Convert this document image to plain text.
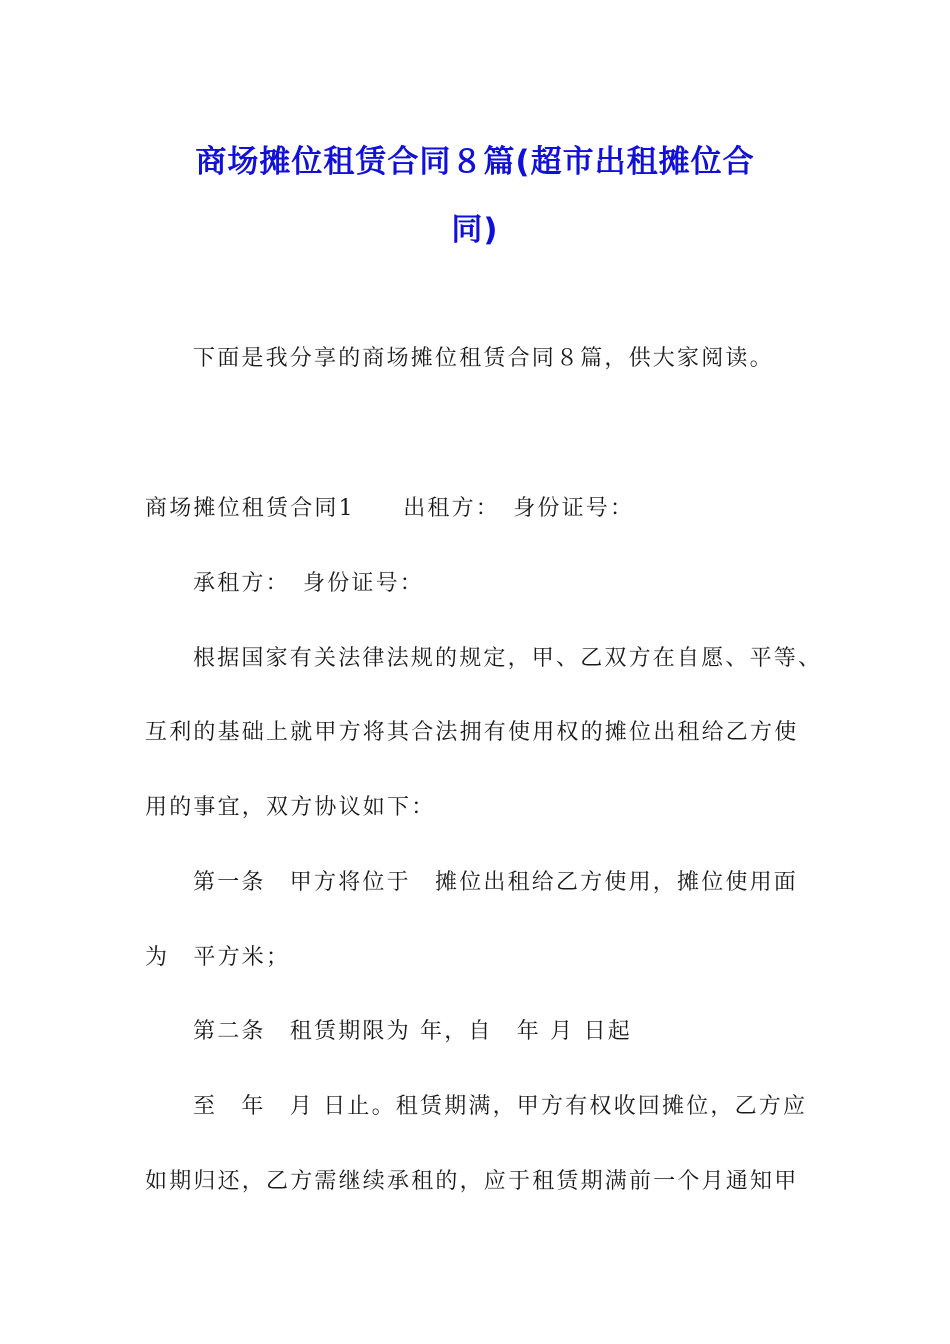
商场摊位租赁合同８篇(超市出租摊位合
同)

下面是我分享的商场摊位租赁合同８篇，供大家阅读。

商场摊位租赁合同1　　出租方：　身份证号：

承租方：　身份证号：

根据国家有关法律法规的规定，甲、乙双方在自愿、平等、

互利的基础上就甲方将其合法拥有使用权的摊位出租给乙方使

用的事宜，双方协议如下：

第一条　甲方将位于　摊位出租给乙方使用，摊位使用面

为　平方米；

第二条　租赁期限为 年，自　年 月 日起

至　年　月 日止。租赁期满，甲方有权收回摊位，乙方应

如期归还，乙方需继续承租的，应于租赁期满前一个月通知甲
